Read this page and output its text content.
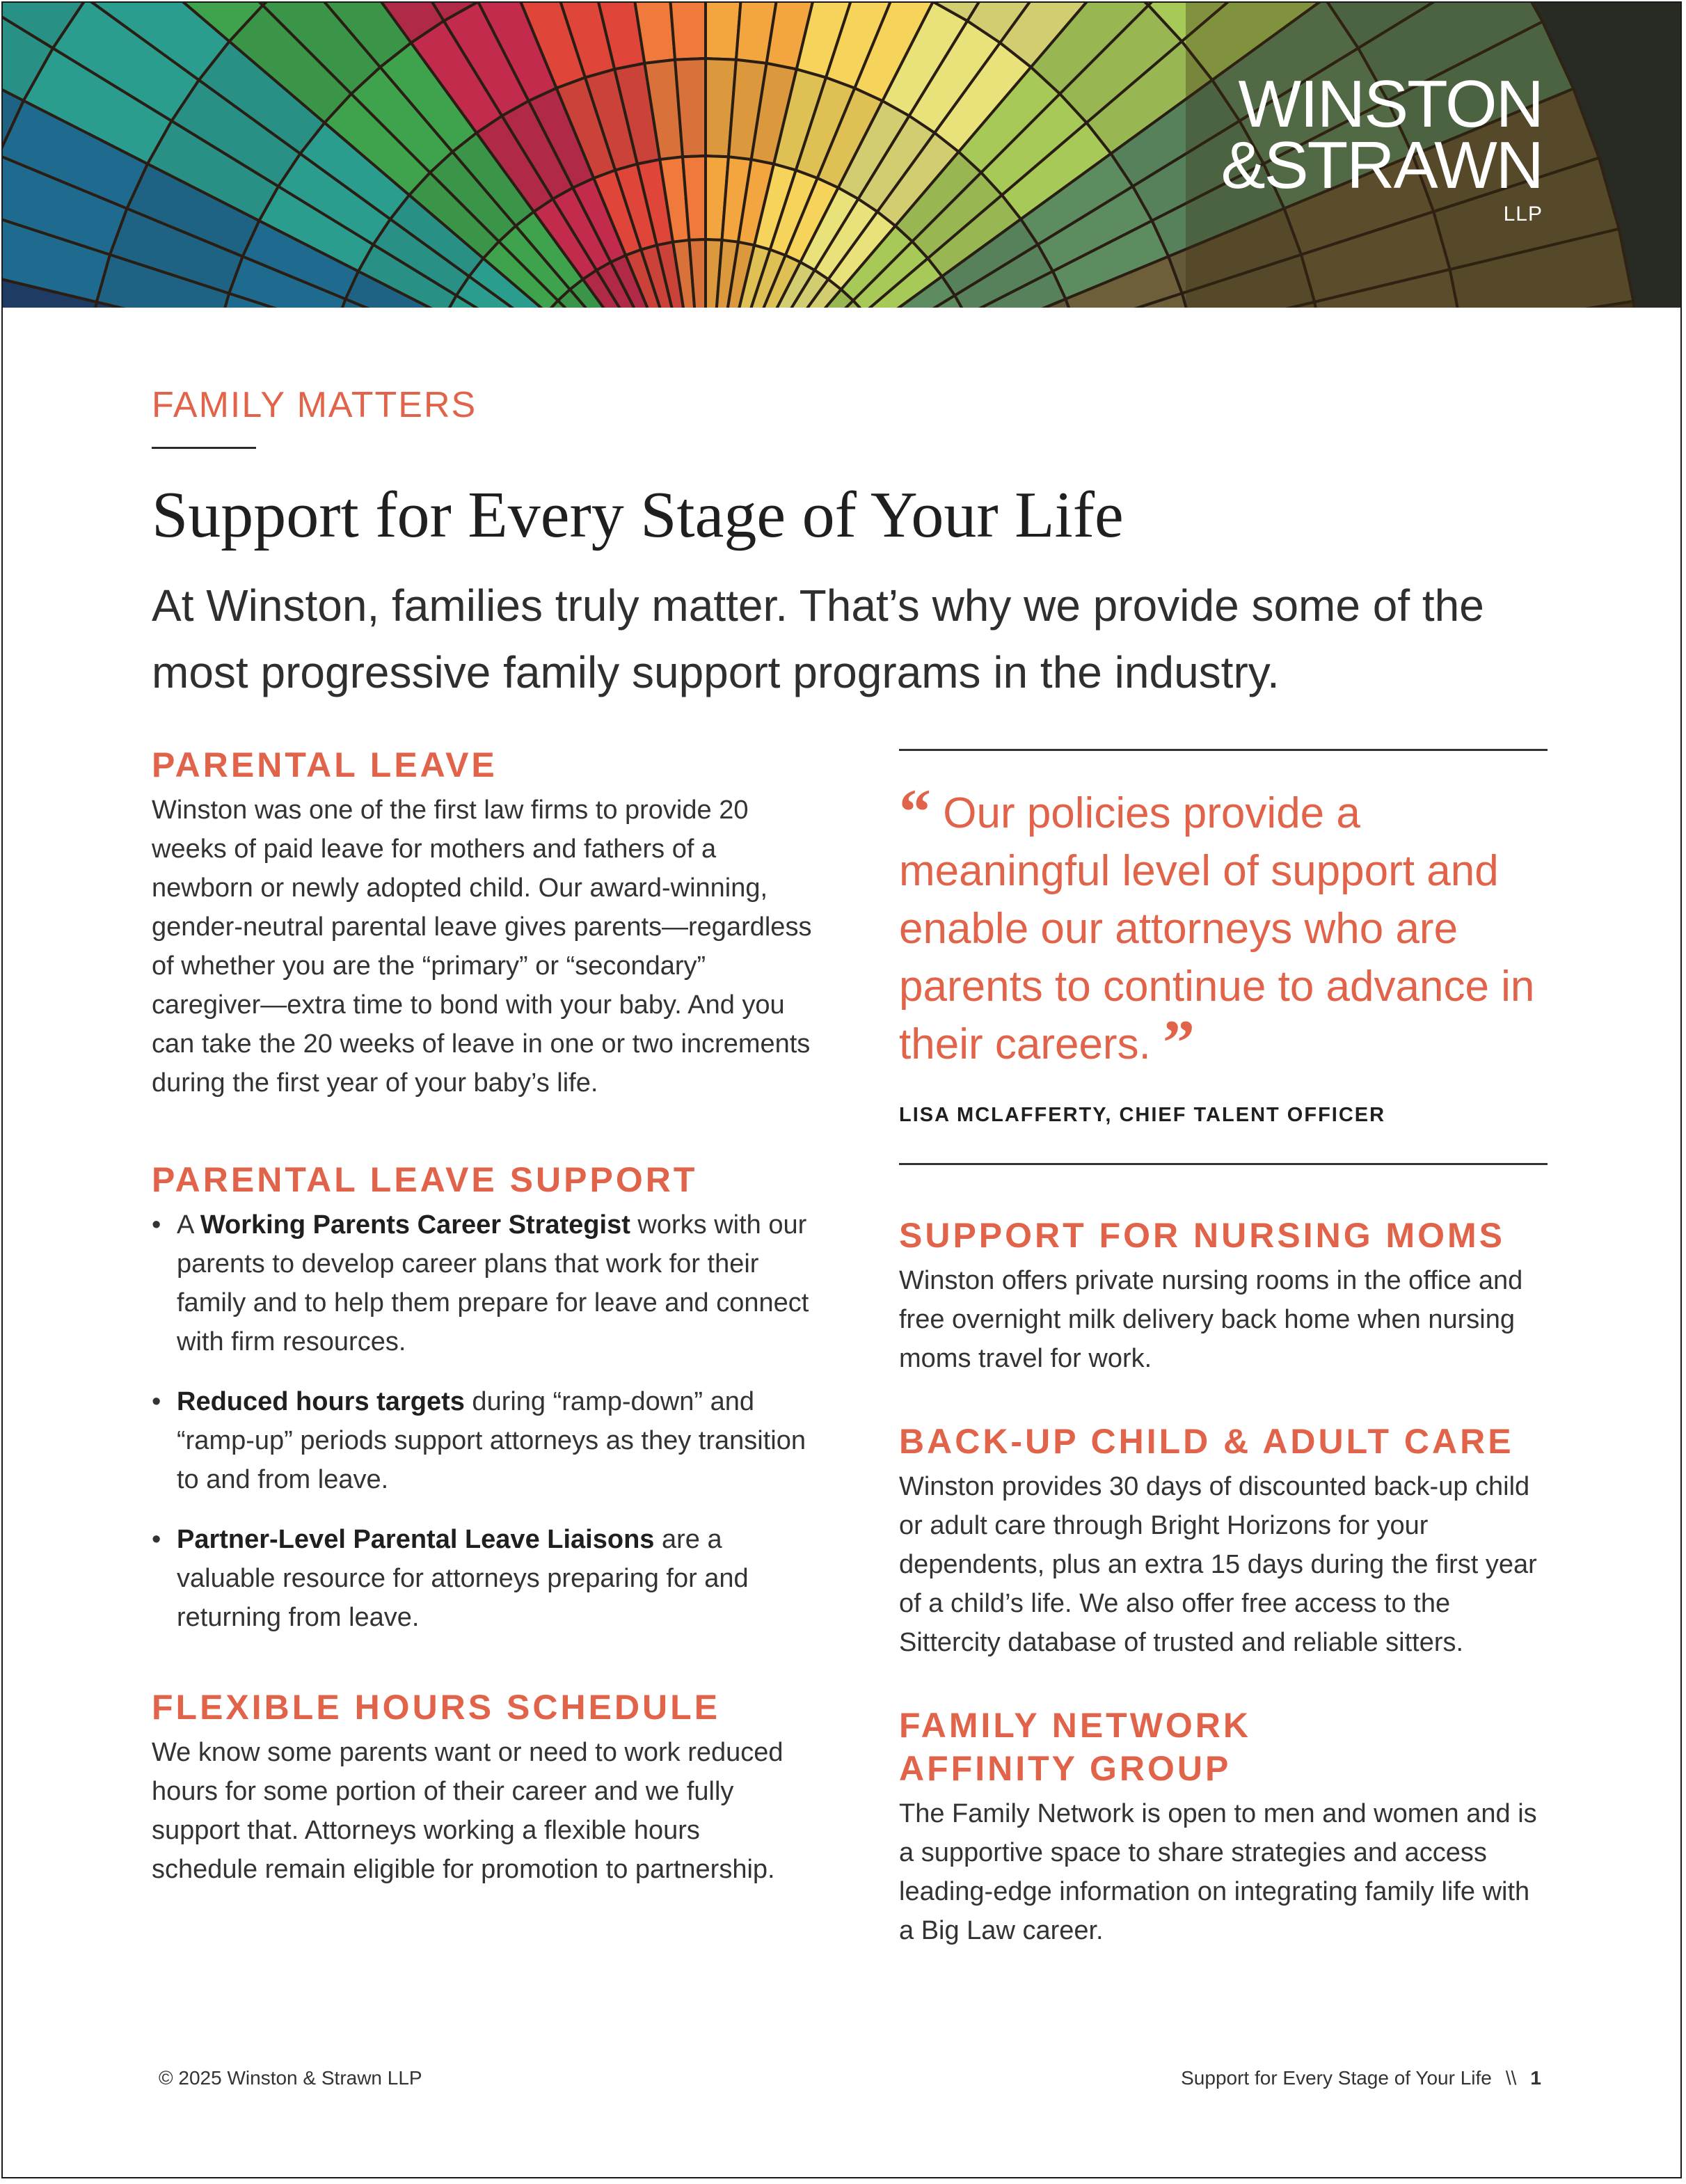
WINSTON
&STRAWN
LLP
FAMILY MATTERS
Support for Every Stage of Your Life
At Winston, families truly matter. That’s why we provide some of the most progressive family support programs in the industry.
PARENTAL LEAVE

Winston was one of the first law firms to provide 20 weeks of paid leave for mothers and fathers of a newborn or newly adopted child. Our award-winning, gender-neutral parental leave gives parents—regardless of whether you are the “primary” or “secondary” caregiver—extra time to bond with your baby. And you can take the 20 weeks of leave in one or two increments during the first year of your baby’s life.

PARENTAL LEAVE SUPPORT
• A Working Parents Career Strategist works with our parents to develop career plans that work for their family and to help them prepare for leave and connect with firm resources.
• Reduced hours targets during “ramp-down” and “ramp-up” periods support attorneys as they transition to and from leave.
• Partner-Level Parental Leave Liaisons are a valuable resource for attorneys preparing for and returning from leave.
FLEXIBLE HOURS SCHEDULE

We know some parents want or need to work reduced hours for some portion of their career and we fully support that. Attorneys working a flexible hours schedule remain eligible for promotion to partnership.

“ Our policies provide a meaningful level of support and enable our attorneys who are parents to continue to advance in their careers. ”

LISA MCLAFFERTY, CHIEF TALENT OFFICER

SUPPORT FOR NURSING MOMS

Winston offers private nursing rooms in the office and free overnight milk delivery back home when nursing moms travel for work.

BACK-UP CHILD & ADULT CARE

Winston provides 30 days of discounted back-up child or adult care through Bright Horizons for your dependents, plus an extra 15 days during the first year of a child’s life. We also offer free access to the Sittercity database of trusted and reliable sitters.

FAMILY NETWORK
AFFINITY GROUP

The Family Network is open to men and women and is a supportive space to share strategies and access leading-edge information on integrating family life with a Big Law career.

© 2025 Winston & Strawn LLP	Support for Every Stage of Your Life \\ 1
